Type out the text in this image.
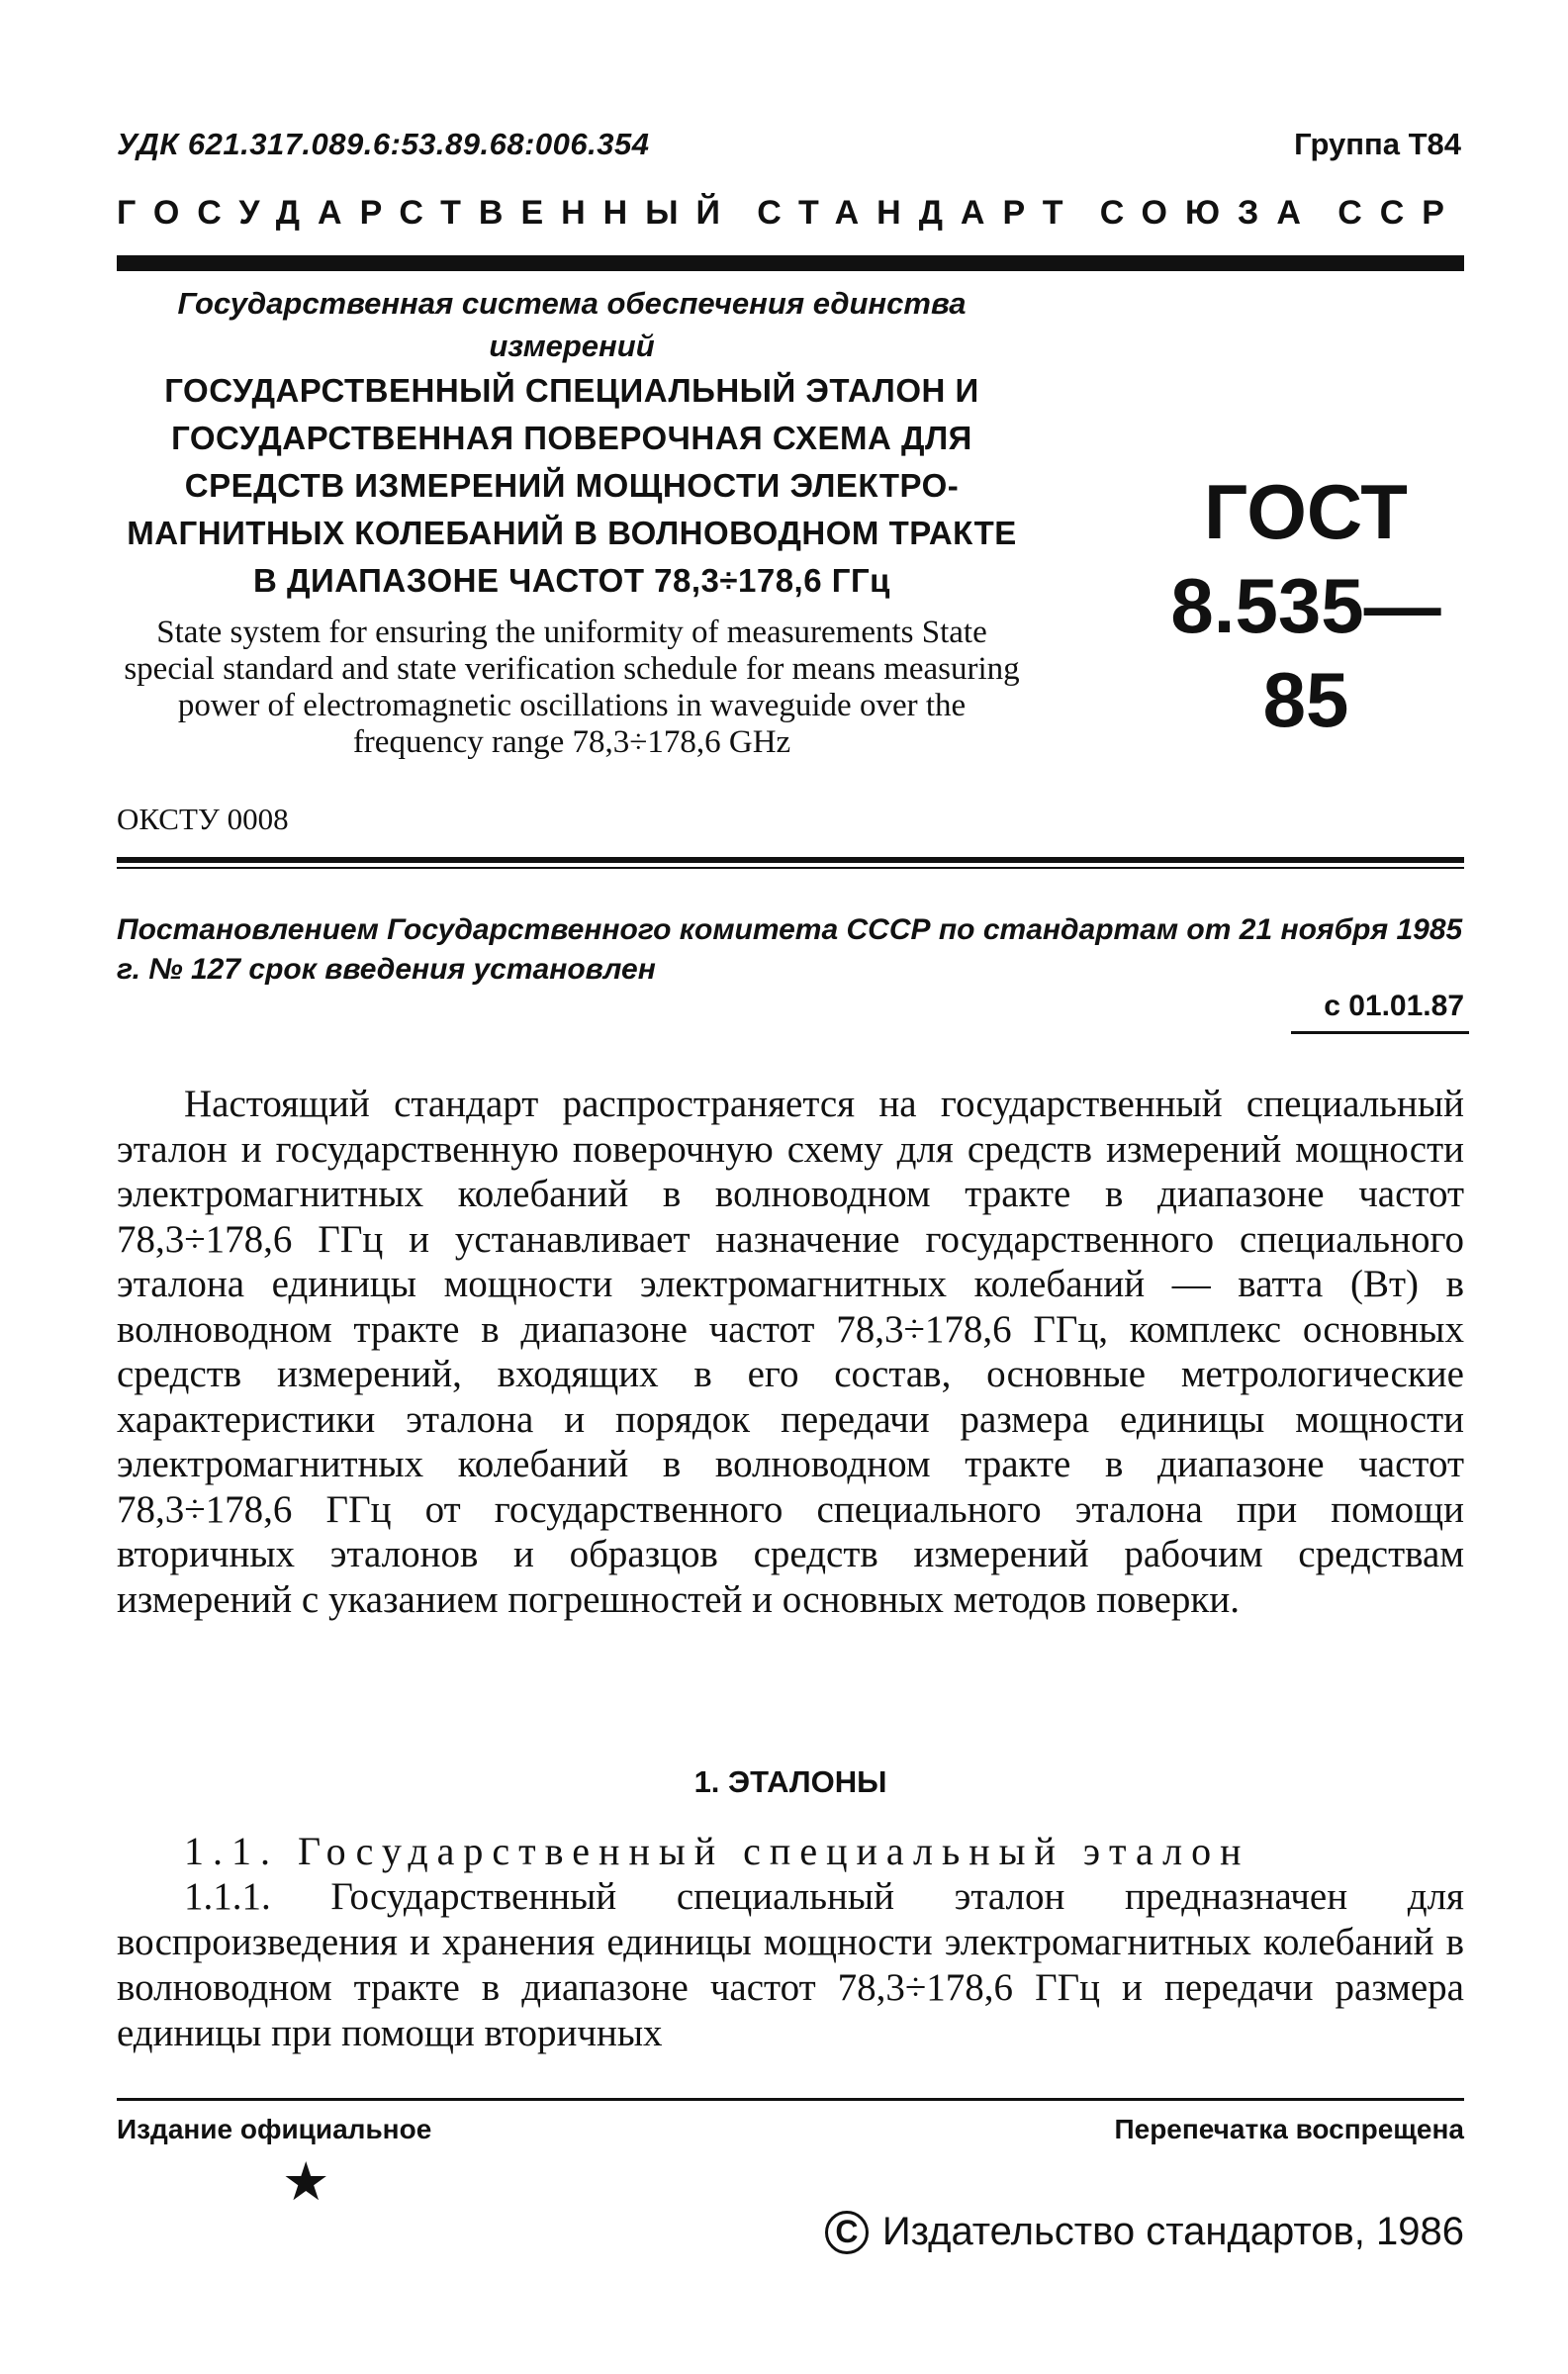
УДК 621.317.089.6:53.89.68:006.354	Группа Т84
ГОСУДАРСТВЕННЫЙ СТАНДАРТ СОЮЗА ССР
Государственная система обеспечения единства измерений
ГОСУДАРСТВЕННЫЙ СПЕЦИАЛЬНЫЙ ЭТАЛОН И ГОСУДАРСТВЕННАЯ ПОВЕРОЧНАЯ СХЕМА ДЛЯ СРЕДСТВ ИЗМЕРЕНИЙ МОЩНОСТИ ЭЛЕКТРО-МАГНИТНЫХ КОЛЕБАНИЙ В ВОЛНОВОДНОМ ТРАКТЕ В ДИАПАЗОНЕ ЧАСТОТ 78,3÷178,6 ГГц
State system for ensuring the uniformity of measurements State special standard and state verification schedule for means measuring power of electromagnetic oscillations in waveguide over the frequency range 78,3÷178,6 GHz
ГОСТ
8.535—85
ОКСТУ 0008
Постановлением Государственного комитета СССР по стандартам от 21 ноября 1985 г. № 127 срок введения установлен
с 01.01.87
Настоящий стандарт распространяется на государственный специальный эталон и государственную поверочную схему для средств измерений мощности электромагнитных колебаний в волноводном тракте в диапазоне частот 78,3÷178,6 ГГц и устанавливает назначение государственного специального эталона единицы мощности электромагнитных колебаний — ватта (Вт) в волноводном тракте в диапазоне частот 78,3÷178,6 ГГц, комплекс основных средств измерений, входящих в его состав, основные метрологические характеристики эталона и порядок передачи размера единицы мощности электромагнитных колебаний в волноводном тракте в диапазоне частот 78,3÷178,6 ГГц от государственного специального эталона при помощи вторичных эталонов и образцов средств измерений рабочим средствам измерений с указанием погрешностей и основных методов поверки.
1. ЭТАЛОНЫ
1.1. Государственный специальный эталон
1.1.1. Государственный специальный эталон предназначен для воспроизведения и хранения единицы мощности электромагнитных колебаний в волноводном тракте в диапазоне частот 78,3÷178,6 ГГц и передачи размера единицы при помощи вторичных
Издание официальное	Перепечатка воспрещена
★
С Издательство стандартов, 1986
